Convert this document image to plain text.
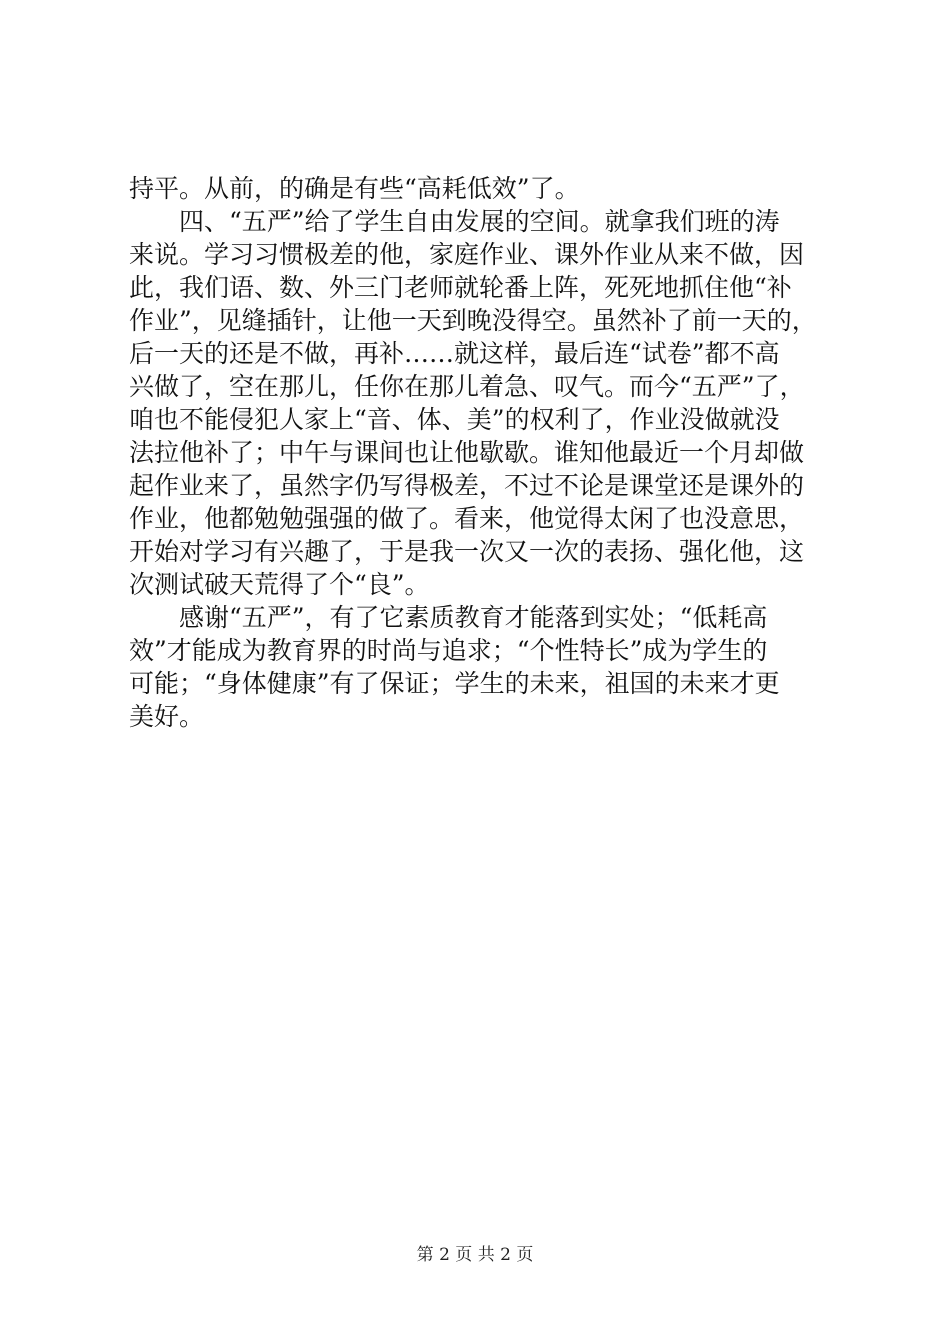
持平。从前，的确是有些“高耗低效”了。
　　四、“五严”给了学生自由发展的空间。就拿我们班的涛
来说。学习习惯极差的他，家庭作业、课外作业从来不做，因
此，我们语、数、外三门老师就轮番上阵，死死地抓住他“补
作业”，见缝插针，让他一天到晚没得空。虽然补了前一天的，
后一天的还是不做，再补……就这样，最后连“试卷”都不高
兴做了，空在那儿，任你在那儿着急、叹气。而今“五严”了，
咱也不能侵犯人家上“音、体、美”的权利了，作业没做就没
法拉他补了；中午与课间也让他歇歇。谁知他最近一个月却做
起作业来了，虽然字仍写得极差，不过不论是课堂还是课外的
作业，他都勉勉强强的做了。看来，他觉得太闲了也没意思，
开始对学习有兴趣了，于是我一次又一次的表扬、强化他，这
次测试破天荒得了个“良”。
　　感谢“五严”，有了它素质教育才能落到实处；“低耗高
效”才能成为教育界的时尚与追求；“个性特长”成为学生的
可能；“身体健康”有了保证；学生的未来，祖国的未来才更
美好。
第 2 页 共 2 页
